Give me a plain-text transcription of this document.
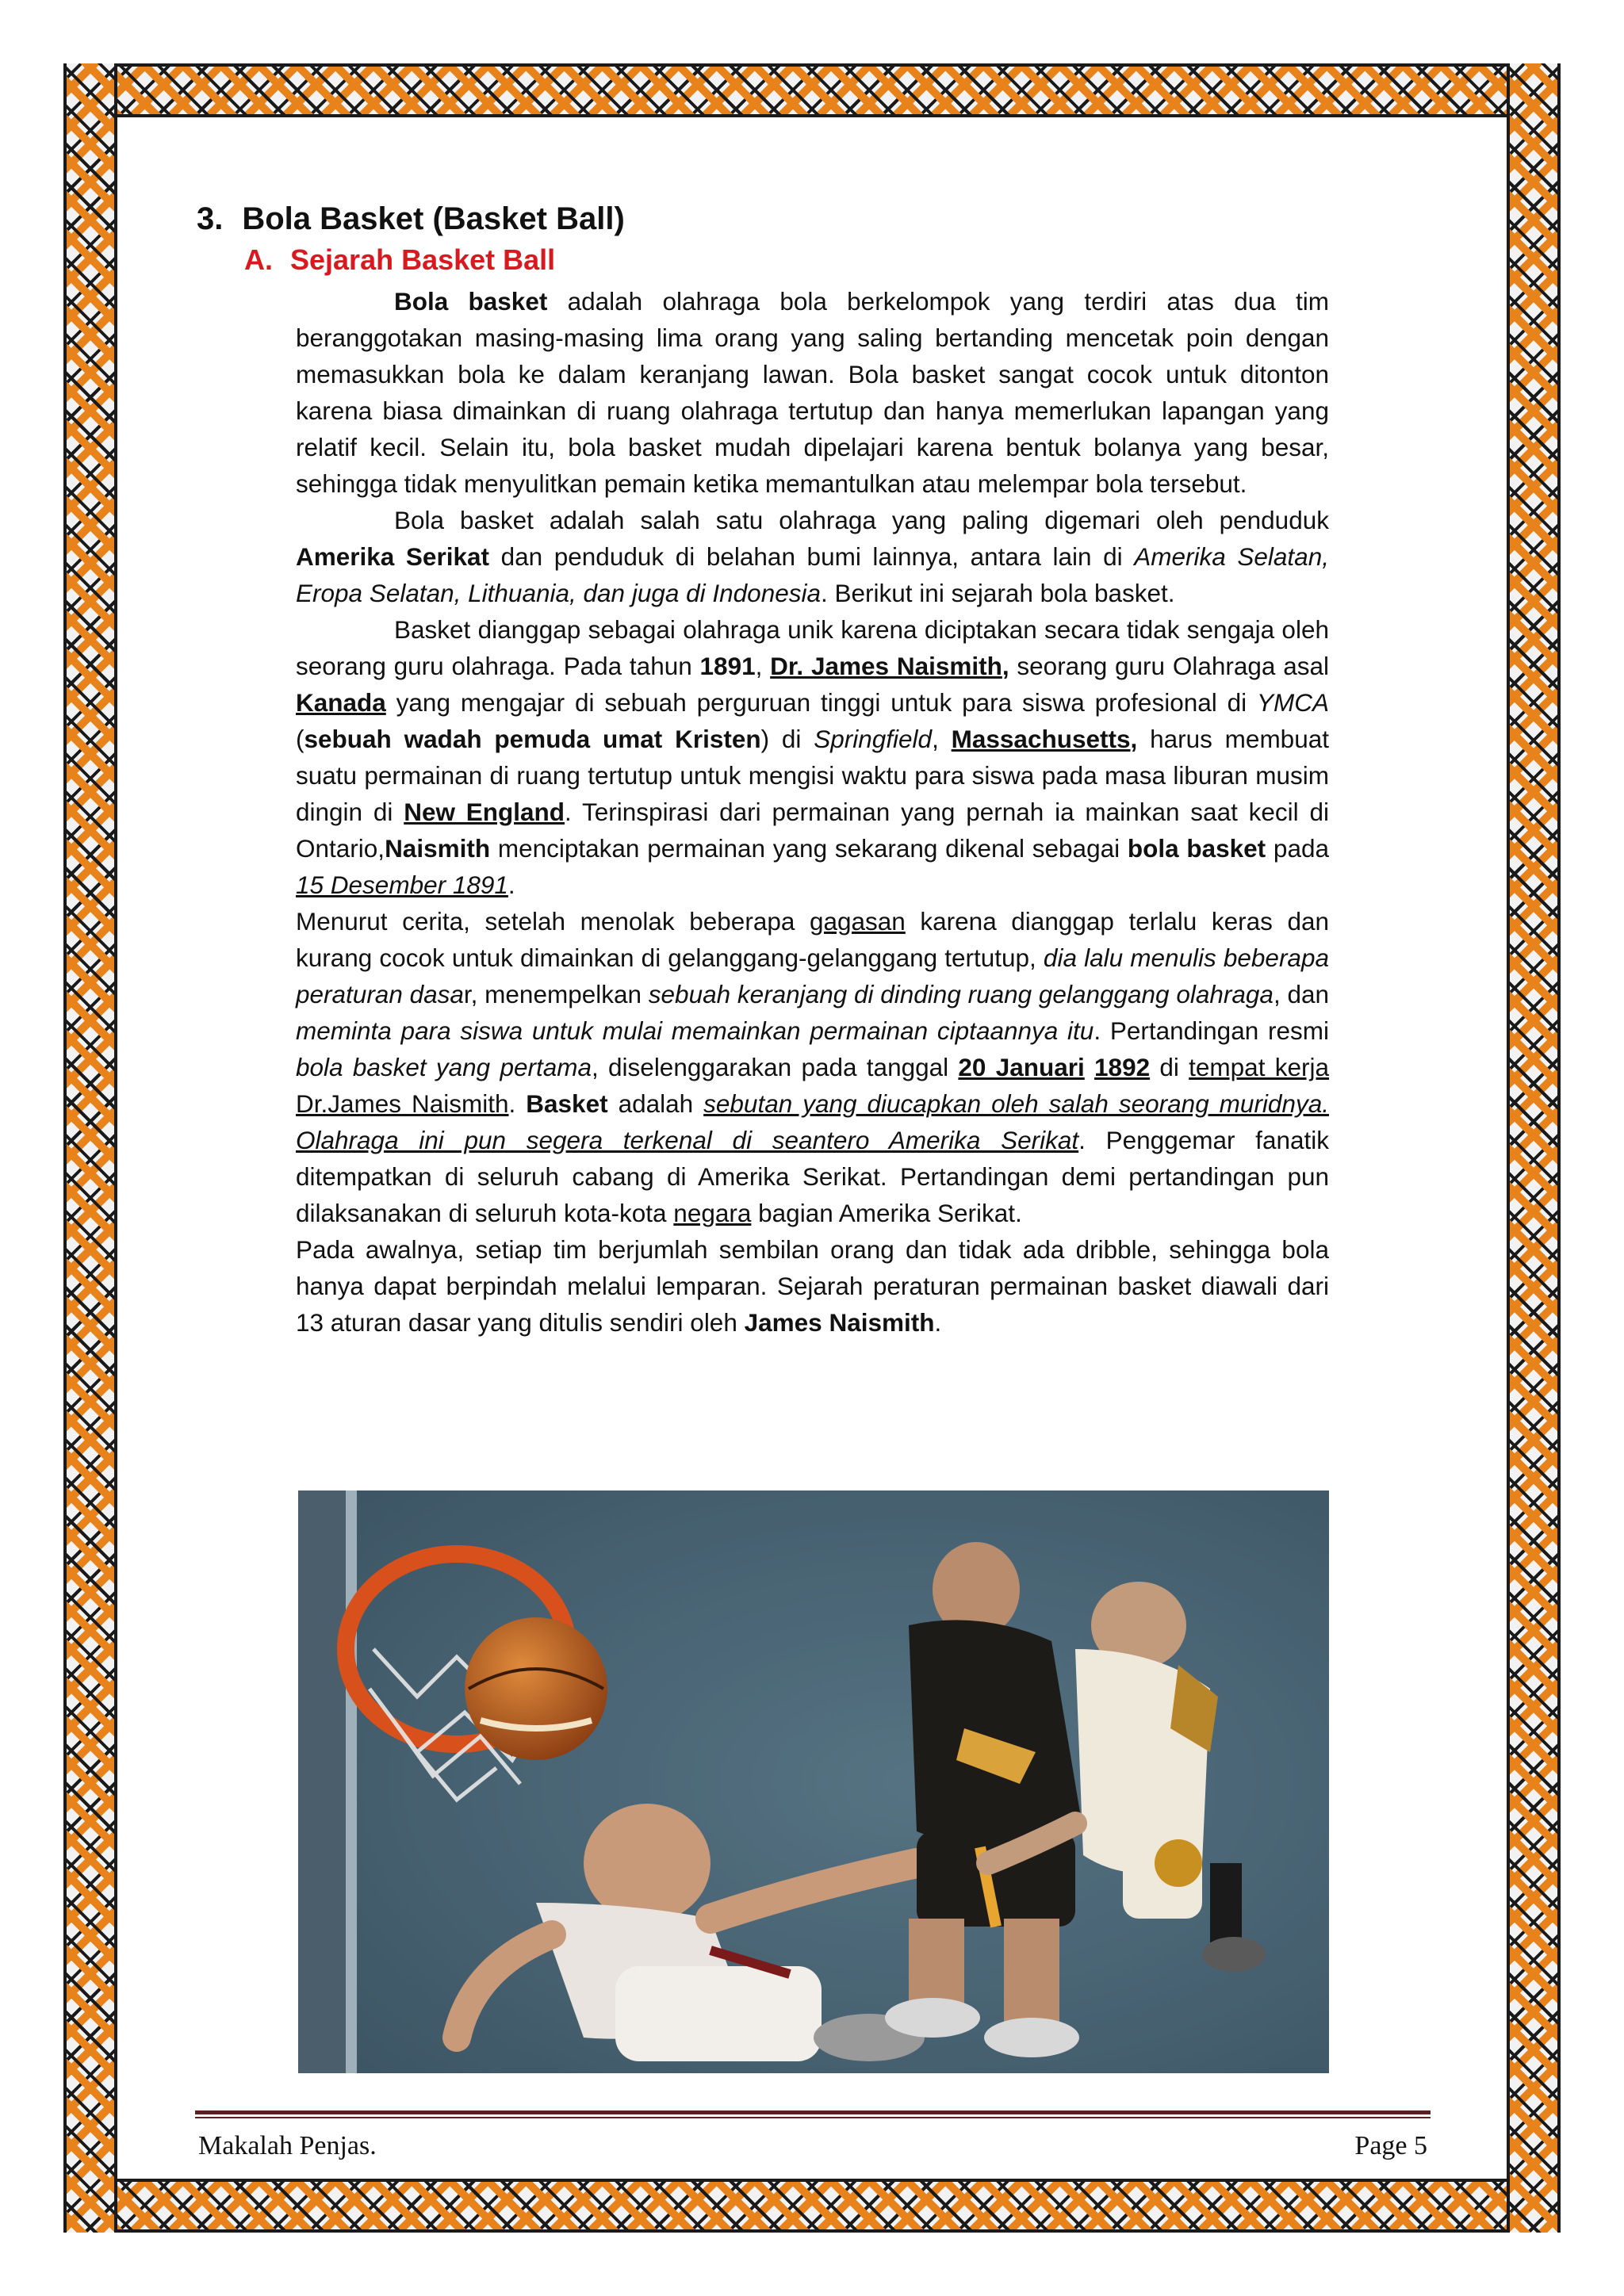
3. Bola Basket (Basket Ball)
A. Sejarah Basket Ball

Bola basket adalah olahraga bola berkelompok yang terdiri atas dua tim beranggotakan masing-masing lima orang yang saling bertanding mencetak poin dengan memasukkan bola ke dalam keranjang lawan. Bola basket sangat cocok untuk ditonton karena biasa dimainkan di ruang olahraga tertutup dan hanya memerlukan lapangan yang relatif kecil. Selain itu, bola basket mudah dipelajari karena bentuk bolanya yang besar, sehingga tidak menyulitkan pemain ketika memantulkan atau melempar bola tersebut.

Bola basket adalah salah satu olahraga yang paling digemari oleh penduduk Amerika Serikat dan penduduk di belahan bumi lainnya, antara lain di Amerika Selatan, Eropa Selatan, Lithuania, dan juga di Indonesia. Berikut ini sejarah bola basket.

Basket dianggap sebagai olahraga unik karena diciptakan secara tidak sengaja oleh seorang guru olahraga. Pada tahun 1891, Dr. James Naismith, seorang guru Olahraga asal Kanada yang mengajar di sebuah perguruan tinggi untuk para siswa profesional di YMCA (sebuah wadah pemuda umat Kristen) di Springfield, Massachusetts, harus membuat suatu permainan di ruang tertutup untuk mengisi waktu para siswa pada masa liburan musim dingin di New England. Terinspirasi dari permainan yang pernah ia mainkan saat kecil di Ontario,Naismith menciptakan permainan yang sekarang dikenal sebagai bola basket pada 15 Desember 1891.

Menurut cerita, setelah menolak beberapa gagasan karena dianggap terlalu keras dan kurang cocok untuk dimainkan di gelanggang-gelanggang tertutup, dia lalu menulis beberapa peraturan dasar, menempelkan sebuah keranjang di dinding ruang gelanggang olahraga, dan meminta para siswa untuk mulai memainkan permainan ciptaannya itu. Pertandingan resmi bola basket yang pertama, diselenggarakan pada tanggal 20 Januari 1892 di tempat kerja Dr.James Naismith. Basket adalah sebutan yang diucapkan oleh salah seorang muridnya. Olahraga ini pun segera terkenal di seantero Amerika Serikat. Penggemar fanatik ditempatkan di seluruh cabang di Amerika Serikat. Pertandingan demi pertandingan pun dilaksanakan di seluruh kota-kota negara bagian Amerika Serikat.

Pada awalnya, setiap tim berjumlah sembilan orang dan tidak ada dribble, sehingga bola hanya dapat berpindah melalui lemparan. Sejarah peraturan permainan basket diawali dari 13 aturan dasar yang ditulis sendiri oleh James Naismith.

Makalah Penjas.	Page 5
